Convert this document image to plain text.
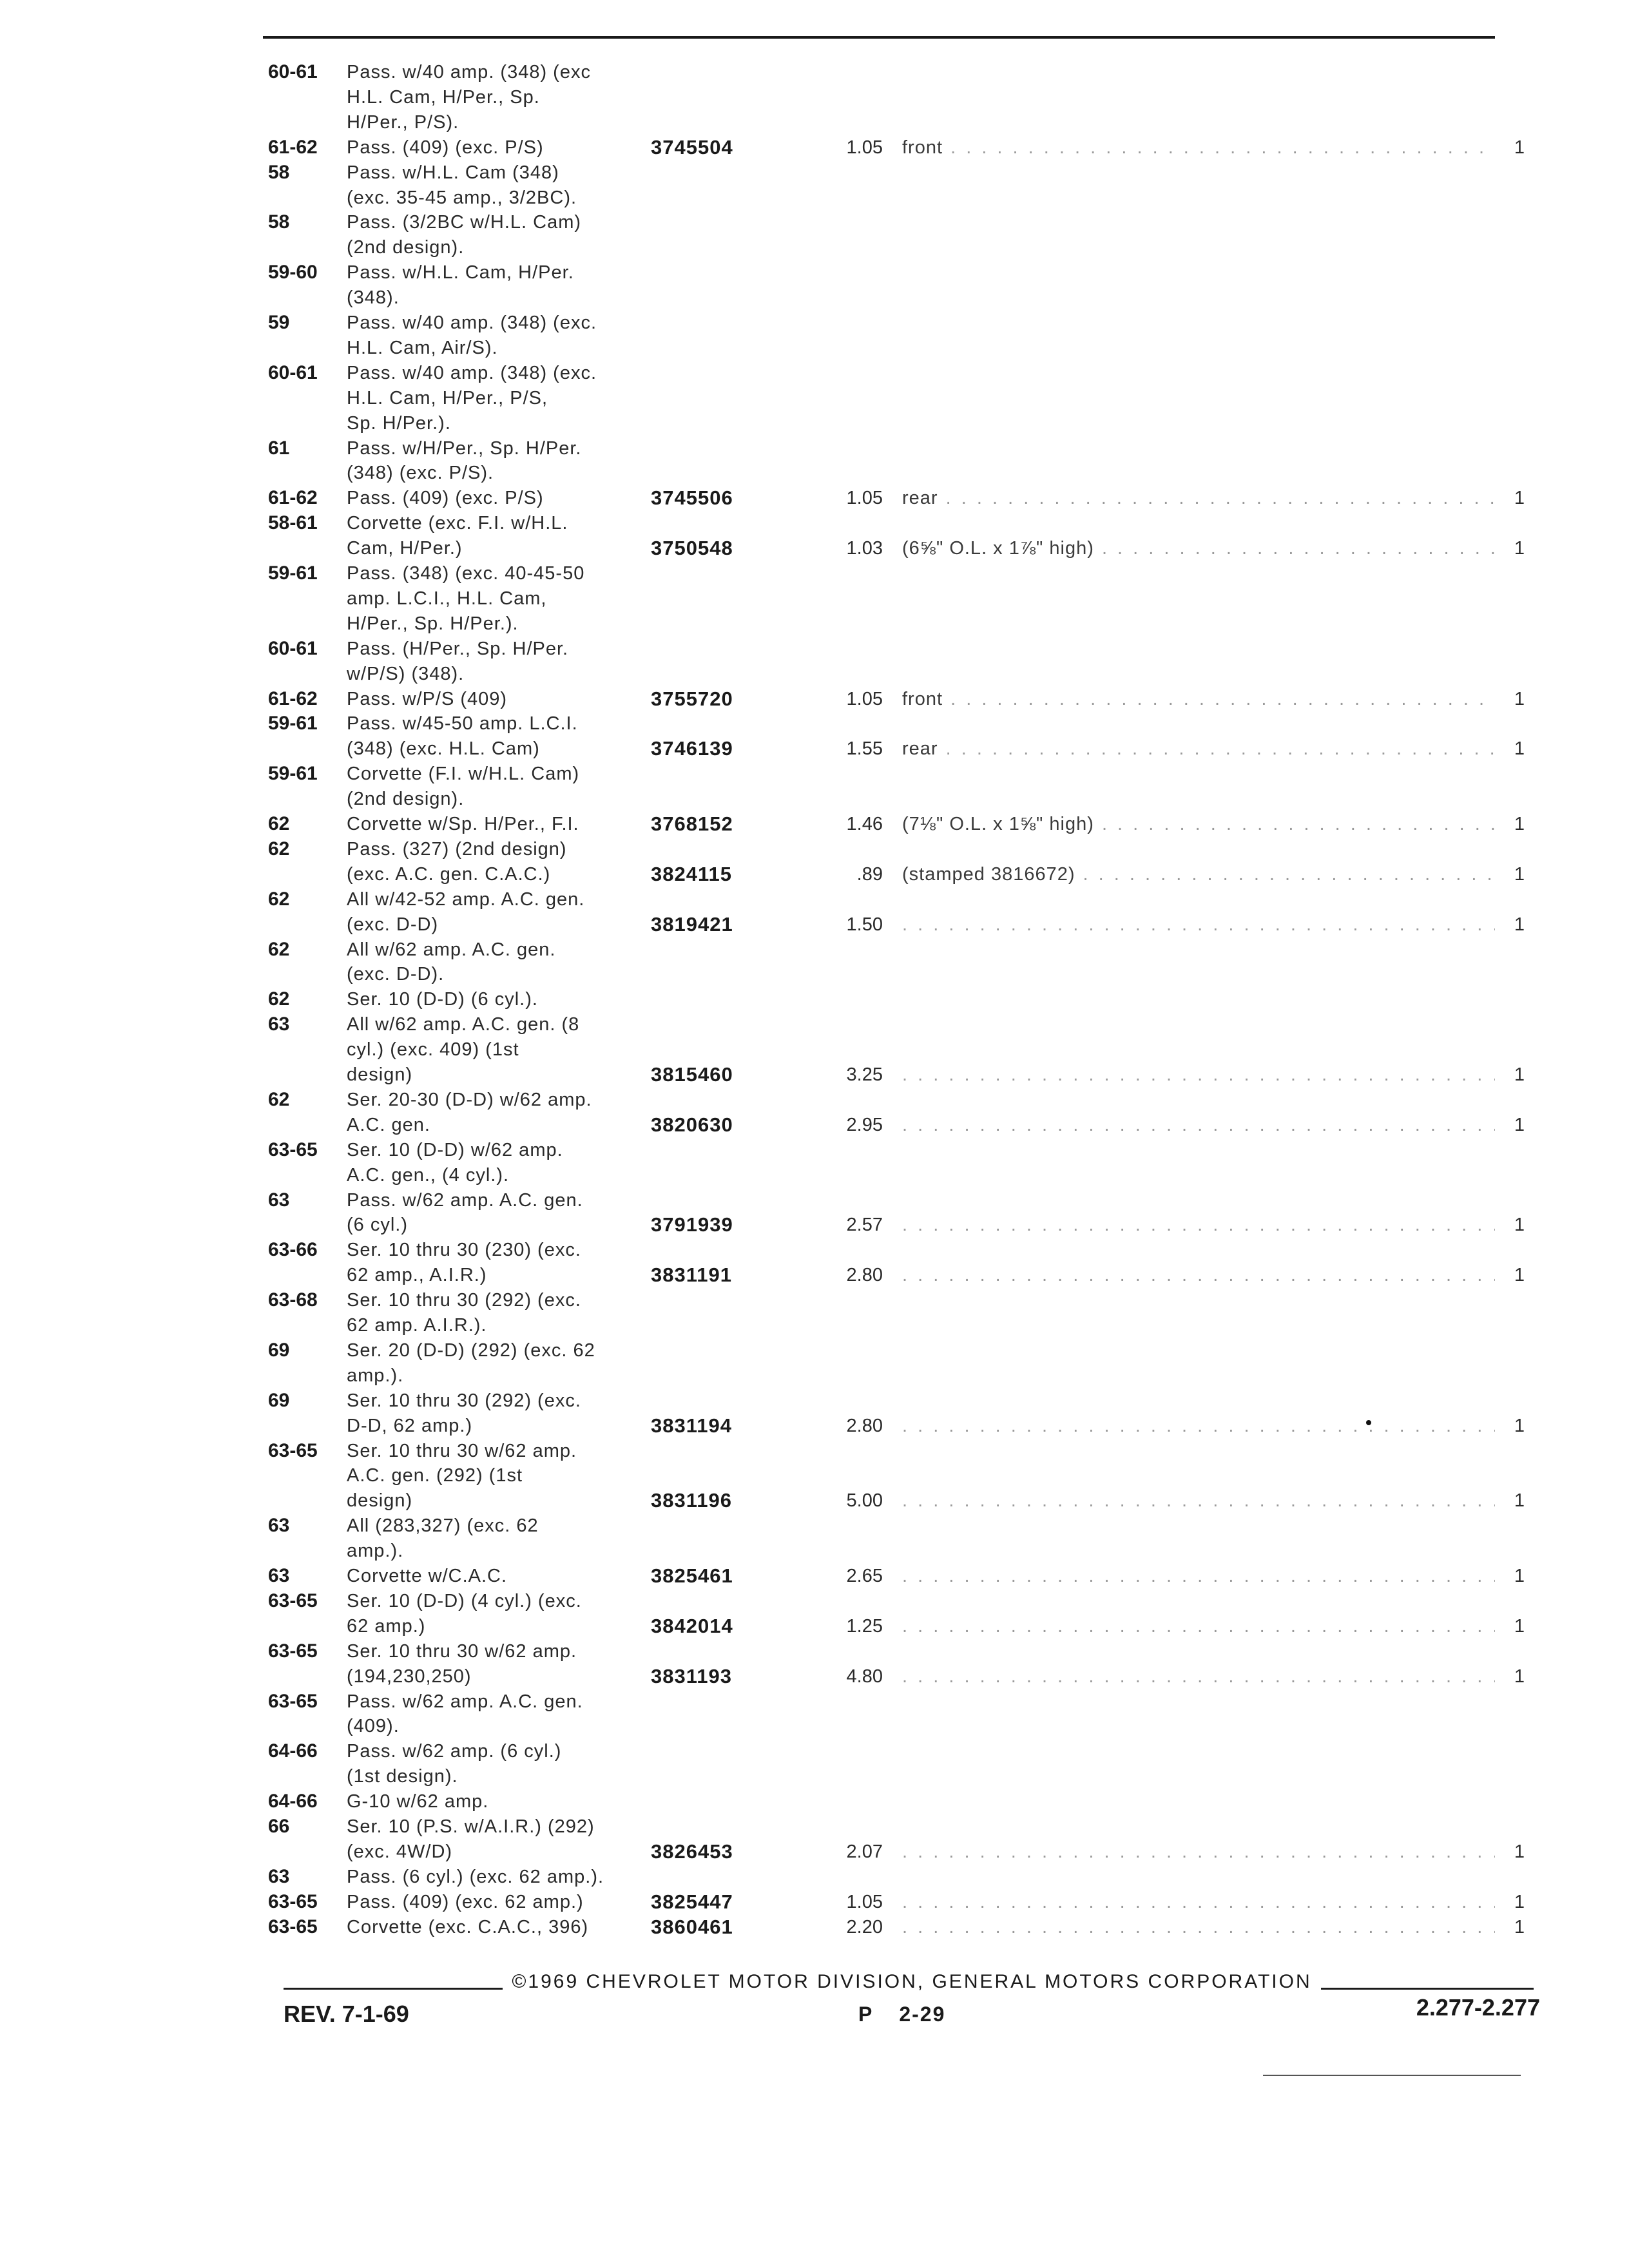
60-61	Pass. w/40 amp. (348) (exc
H.L. Cam, H/Per., Sp.
H/Per., P/S).
61-62	Pass. (409) (exc. P/S)	3745504	1.05 front . . .	1
58	Pass. w/H.L. Cam (348)
(exc. 35-45 amp., 3/2BC).
58	Pass. (3/2BC w/H.L. Cam)
(2nd design).
59-60	Pass. w/H.L. Cam, H/Per.
(348).
59	Pass. w/40 amp. (348) (exc.
H.L. Cam, Air/S).
60-61	Pass. w/40 amp. (348) (exc.
H.L. Cam, H/Per., P/S,
Sp. H/Per.).
61	Pass. w/H/Per., Sp. H/Per.
(348) (exc. P/S).
61-62	Pass. (409) (exc. P/S)	3745506	1.05 rear . . .	1
58-61	Corvette (exc. F.I. w/H.L.
Cam, H/Per.)	3750548	1.03 (6⅝" O.L. x 1⅞" high) . . .	1
59-61	Pass. (348) (exc. 40-45-50
amp. L.C.I., H.L. Cam,
H/Per., Sp. H/Per.).
60-61	Pass. (H/Per., Sp. H/Per.
w/P/S) (348).
61-62	Pass. w/P/S (409)	3755720	1.05 front . . .	1
59-61	Pass. w/45-50 amp. L.C.I.
(348) (exc. H.L. Cam)	3746139	1.55 rear . . .	1
59-61	Corvette (F.I. w/H.L. Cam)
(2nd design).
62	Corvette w/Sp. H/Per., F.I.	3768152	1.46 (7⅛" O.L. x 1⅝" high) . . .	1
62	Pass. (327) (2nd design)
(exc. A.C. gen. C.A.C.)	3824115	.89 (stamped 3816672) . . .	1
62	All w/42-52 amp. A.C. gen.
(exc. D-D)	3819421	1.50 . . .	1
62	All w/62 amp. A.C. gen.
(exc. D-D).
62	Ser. 10 (D-D) (6 cyl.).
63	All w/62 amp. A.C. gen. (8
cyl.) (exc. 409) (1st
design)	3815460	3.25 . . .	1
62	Ser. 20-30 (D-D) w/62 amp.
A.C. gen.	3820630	2.95 . . .	1
63-65	Ser. 10 (D-D) w/62 amp.
A.C. gen., (4 cyl.).
63	Pass. w/62 amp. A.C. gen.
(6 cyl.)	3791939	2.57 . . .	1
63-66	Ser. 10 thru 30 (230) (exc.
62 amp., A.I.R.)	3831191	2.80 . . .	1
63-68	Ser. 10 thru 30 (292) (exc.
62 amp. A.I.R.).
69	Ser. 20 (D-D) (292) (exc. 62
amp.).
69	Ser. 10 thru 30 (292) (exc.
D-D, 62 amp.)	3831194	2.80 . . .	1
63-65	Ser. 10 thru 30 w/62 amp.
A.C. gen. (292) (1st
design)	3831196	5.00 . . .	1
63	All (283,327) (exc. 62
amp.).
63	Corvette w/C.A.C.	3825461	2.65 . . .	1
63-65	Ser. 10 (D-D) (4 cyl.) (exc.
62 amp.)	3842014	1.25 . . .	1
63-65	Ser. 10 thru 30 w/62 amp.
(194,230,250)	3831193	4.80 . . .	1
63-65	Pass. w/62 amp. A.C. gen.
(409).
64-66	Pass. w/62 amp. (6 cyl.)
(1st design).
64-66	G-10 w/62 amp.
66	Ser. 10 (P.S. w/A.I.R.) (292)
(exc. 4W/D)	3826453	2.07 . . .	1
63	Pass. (6 cyl.) (exc. 62 amp.).
63-65	Pass. (409) (exc. 62 amp.)	3825447	1.05 . . .	1
63-65	Corvette (exc. C.A.C., 396)	3860461	2.20 . . .	1
©1969 CHEVROLET MOTOR DIVISION, GENERAL MOTORS CORPORATION
REV. 7-1-69	P 2-29	2.277-2.277
